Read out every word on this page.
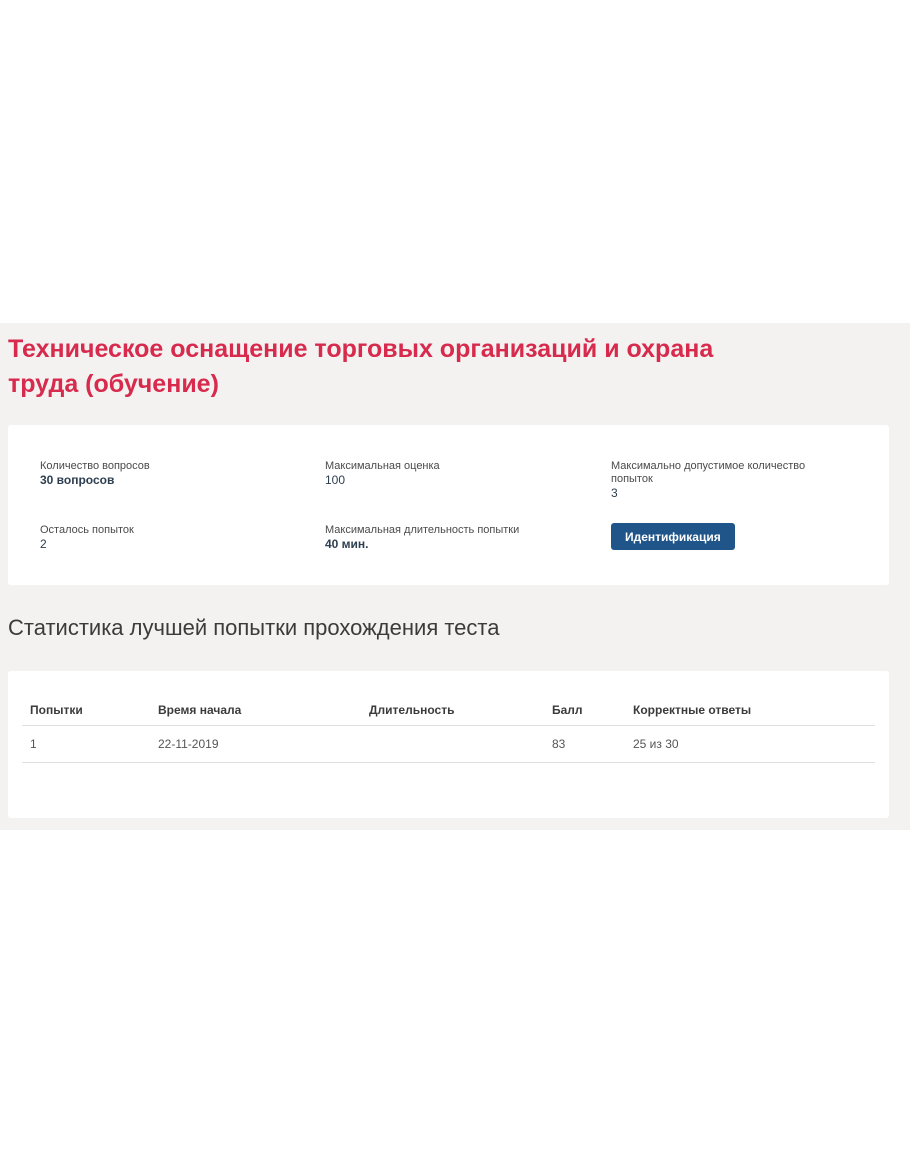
Техническое оснащение торговых организаций и охрана труда (обучение)
Количество вопросов
30 вопросов
Максимальная оценка
100
Максимально допустимое количество попыток
3
Осталось попыток
2
Максимальная длительность попытки
40 мин.
Идентификация
Статистика лучшей попытки прохождения теста
Попытки	Время начала	Длительность	Балл	Корректные ответы
1	22-11-2019		83	25 из 30
